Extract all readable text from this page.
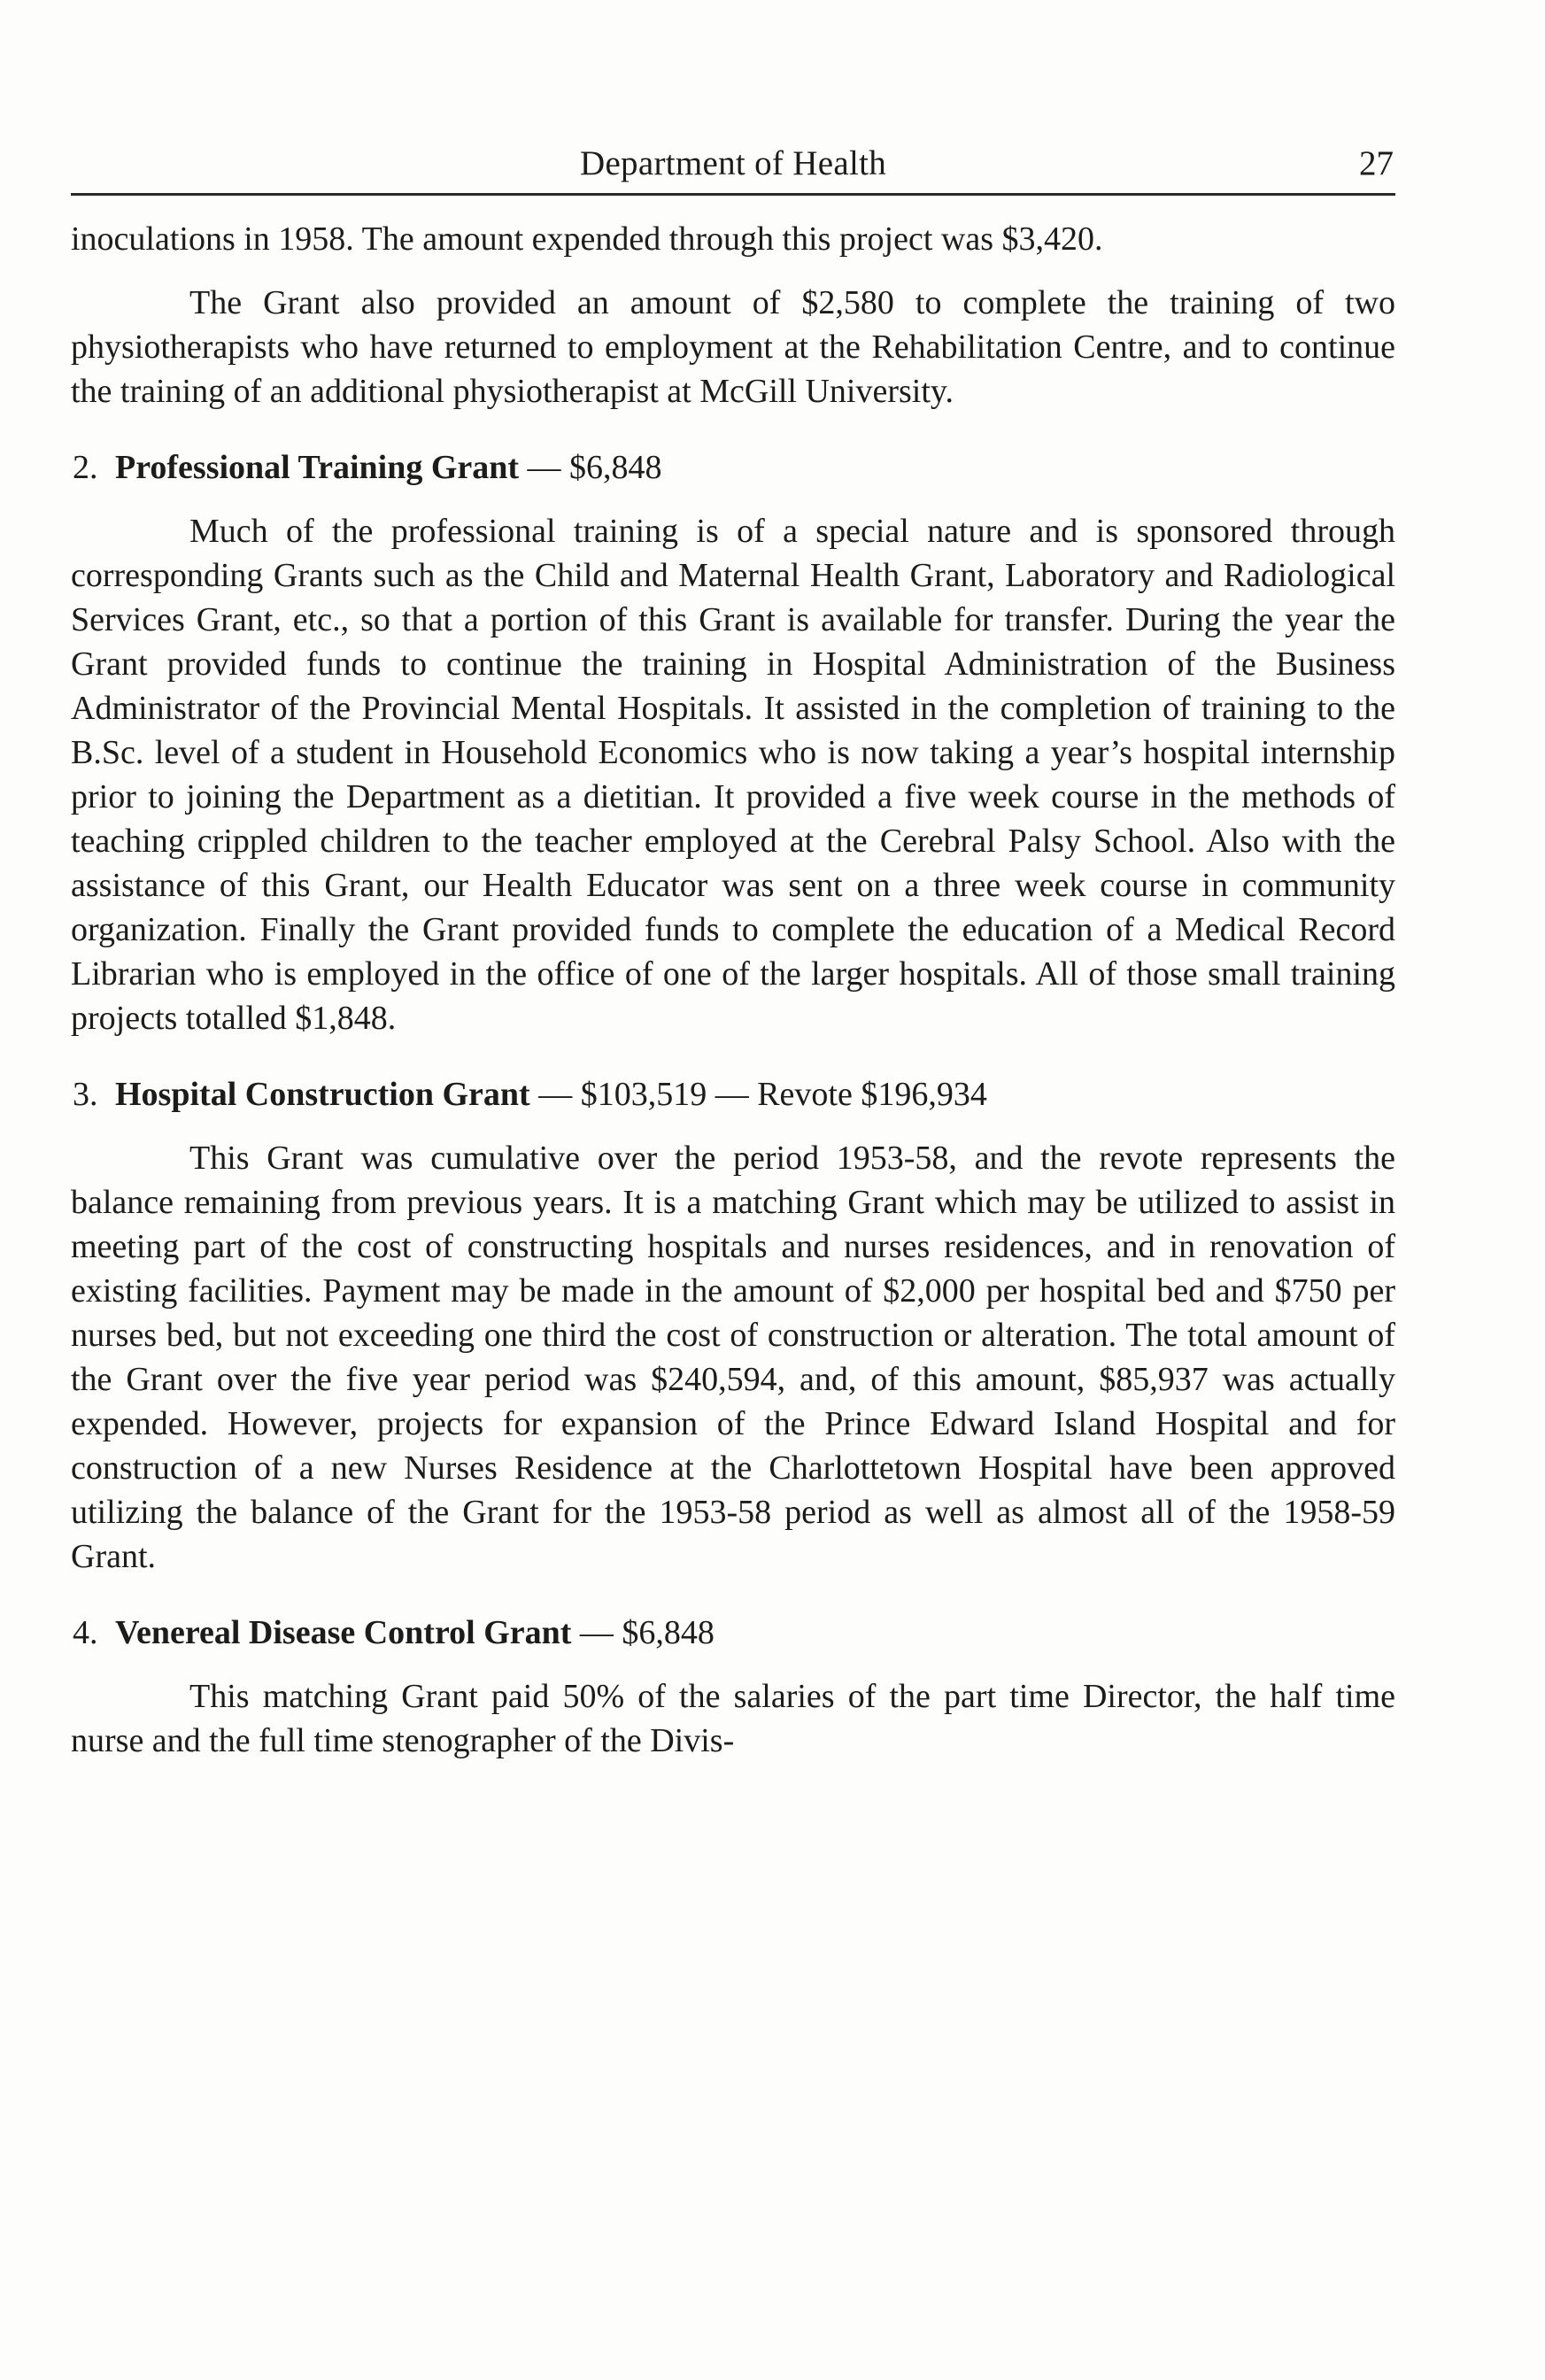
Department of Health	27

inoculations in 1958. The amount expended through this project was $3,420.

The Grant also provided an amount of $2,580 to complete the training of two physiotherapists who have returned to employment at the Rehabilitation Centre, and to continue the training of an additional physiotherapist at McGill University.

2. Professional Training Grant — $6,848

Much of the professional training is of a special nature and is sponsored through corresponding Grants such as the Child and Maternal Health Grant, Laboratory and Radiological Services Grant, etc., so that a portion of this Grant is available for transfer. During the year the Grant provided funds to continue the training in Hospital Administration of the Business Administrator of the Provincial Mental Hospitals. It assisted in the completion of training to the B.Sc. level of a student in Household Economics who is now taking a year’s hospital internship prior to joining the Department as a dietitian. It provided a five week course in the methods of teaching crippled children to the teacher employed at the Cerebral Palsy School. Also with the assistance of this Grant, our Health Educator was sent on a three week course in community organization. Finally the Grant provided funds to complete the education of a Medical Record Librarian who is employed in the office of one of the larger hospitals. All of those small training projects totalled $1,848.

3. Hospital Construction Grant — $103,519 — Revote $196,934

This Grant was cumulative over the period 1953-58, and the revote represents the balance remaining from previous years. It is a matching Grant which may be utilized to assist in meeting part of the cost of constructing hospitals and nurses residences, and in renovation of existing facilities. Payment may be made in the amount of $2,000 per hospital bed and $750 per nurses bed, but not exceeding one third the cost of construction or alteration. The total amount of the Grant over the five year period was $240,594, and, of this amount, $85,937 was actually expended. However, projects for expansion of the Prince Edward Island Hospital and for construction of a new Nurses Residence at the Charlottetown Hospital have been approved utilizing the balance of the Grant for the 1953-58 period as well as almost all of the 1958-59 Grant.

4. Venereal Disease Control Grant — $6,848

This matching Grant paid 50% of the salaries of the part time Director, the half time nurse and the full time stenographer of the Divis-
